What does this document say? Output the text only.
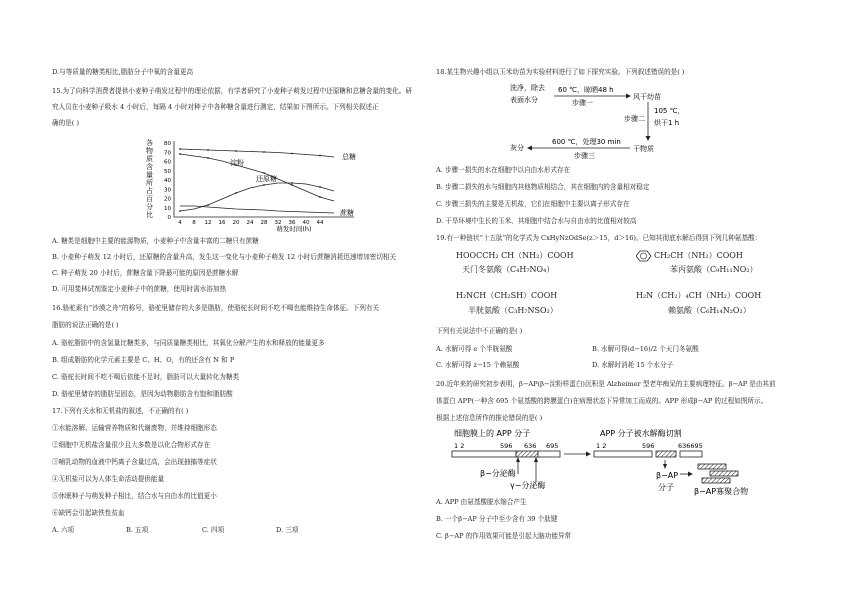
D.与等质量的糖类相比,脂肪分子中氧的含量更高
15.为了向科学消费者提供小麦种子萌发过程中的理论依据，有学者研究了小麦种子萌发过程中还原糖和总糖含量的变化。研
究人员在小麦种子吸水 4 小时后，每隔 4 小时对种子中各种糖含量进行测定，结果如下图所示。下列相关叙述正
确的是( )
各
物
质
含
量
所
占
百
分
比
80
70
60
50
40
30
20
10
0
4 8 12 16 20 24 28 32 36 40 44
总糖
淀粉
还原糖
蔗糖
萌发时间(h)
A. 糖类是细胞中主要的能源物质，小麦种子中含量丰富的二糖只有蔗糖
B. 小麦种子萌发 12 小时后，还原糖的含量升高，发生这一变化与小麦种子萌发 12 小时后蔗糖消耗迅速增加密切相关
C. 种子萌发 20 小时后，蔗糖含量下降最可能的原因是蔗糖水解
D. 可用斐林试剂鉴定小麦种子中的蔗糖，使用时需水浴加热
16.骆驼素有“沙漠之舟”的称号，骆驼里储存的大多是脂肪，使骆驼长时间不吃不喝也能维持生命体征。下列有关
脂肪的说法正确的是( )
A. 骆驼脂肪中的含氢量比糖类多，与同质量糖类相比，其氧化分解产生的水和释放的能量更多
B. 组成脂肪的化学元素主要是 C、H、O，有的还含有 N 和 P
C. 骆驼长时间不吃不喝后依能不足时，脂肪可以大量转化为糖类
D. 骆驼里储存的脂肪呈固态，是因为动物脂肪含有饱和脂肪酸
17.下列有关水和无机盐的叙述，不正确的有( )
①水能溶解、运输营养物质和代谢废物，并维持细胞形态
②细胞中无机盐含量很少且大多数是以化合物形式存在
③哺乳动物的血液中钙离子含量过高，会出现抽搐等症状
④无机盐可以为人体生命活动提供能量
⑤休眠种子与萌发种子相比，结合水与自由水的比值更小
⑥缺钙会引起缺铁性贫血
A. 六项	B. 五项	C. 四项	D. 三项
18.某生物兴趣小组以玉米幼苗为实验材料进行了如下探究实验。下列叙述错误的是( )
洗净，除去
表面水分
60 ℃，晾晒48 h
步骤一
风干幼苗
105 ℃，
烘干1 h
步骤二
灰分
600 ℃，处理30 min
步骤三
干物质
A. 步骤一损失的水在细胞中以自由水形式存在
B. 步骤二损失的水与细胞内其他物质相结合，其在细胞内的含量相对稳定
C. 步骤三损失的主要是无机盐，它们在细胞中主要以离子形式存在
D. 干旱环境中生长的玉米，其细胞中结合水与自由水的比值相对较高
19.有一种链状“十五肽”的化学式为 CxHyNzOdSe(z＞15，d＞16)。已知其彻底水解后得到下列几种氨基酸：
HOOCCH₂ CH（NH₂）COOH
天门冬氨酸（C₄H₇NO₄）
CH₂CH（NH₂）COOH
苯丙氨酸（C₉H₁₁NO₂）
H₂NCH（CH₂SH）COOH
半胱氨酸（C₃H₇NSO₂）
H₂N（CH₂）₄CH（NH₂）COOH
赖氨酸（C₆H₁₄N₂O₂）
下列有关说法中不正确的是( )
A. 水解可得 e 个半胱氨酸	B. 水解可得(d−16)/2 个天门冬氨酸
C. 水解可得 z−15 个赖氨酸	D. 水解时消耗 15 个水分子
20.近年来的研究初步表明，β−AP(β−淀粉样蛋白)沉积是 Alzheimer 型老年痴呆的主要病理特征。β−AP 是由其前
体蛋白 APP(一种含 695 个氨基酸的跨膜蛋白)在病理状态下异常加工而成的。APP 形成β−AP 的过程如图所示。
根据上述信息所作的推论错误的是( )
细胞膜上的 APP 分子	APP 分子被水解酶切割
1 2	596 636 695
β−分泌酶
γ−分泌酶
1 2	596	636695
β−AP
分子	β−AP寡聚合物
A. APP 由氨基酸脱水缩合产生
B. 一个β−AP 分子中至少含有 39 个肽键
C. β−AP 的作用效果可能是引起大脑功能异常
